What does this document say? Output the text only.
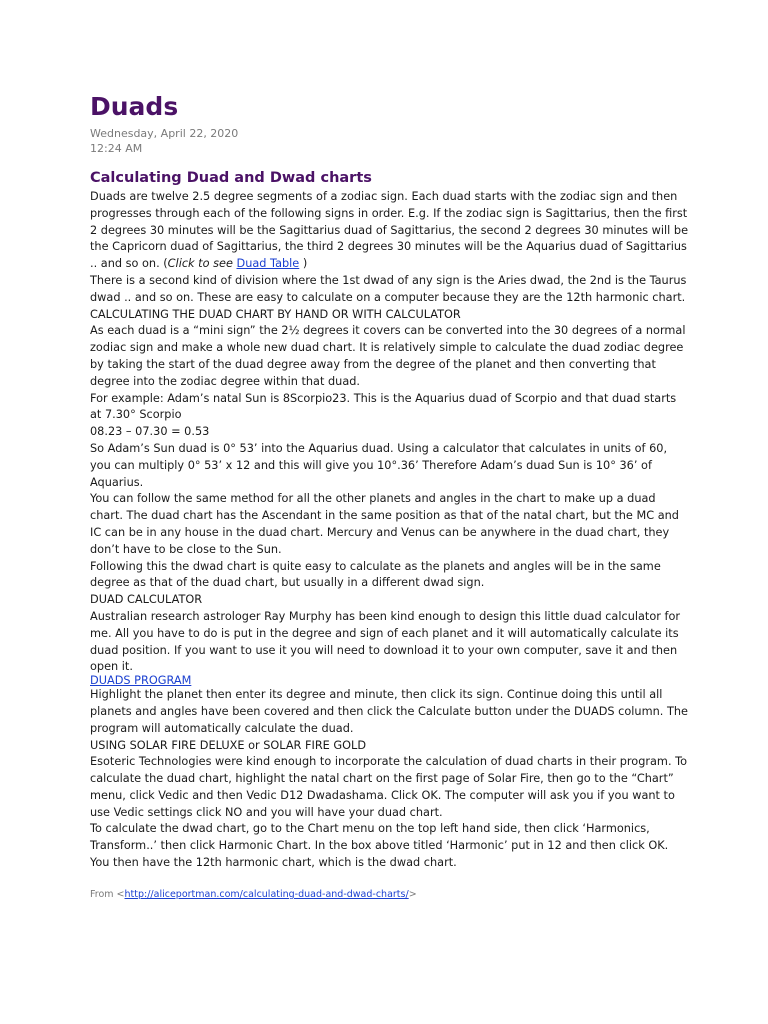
Duads
Wednesday, April 22, 2020
12:24 AM
Calculating Duad and Dwad charts

Duads are twelve 2.5 degree segments of a zodiac sign. Each duad starts with the zodiac sign and then progresses through each of the following signs in order. E.g. If the zodiac sign is Sagittarius, then the first 2 degrees 30 minutes will be the Sagittarius duad of Sagittarius, the second 2 degrees 30 minutes will be the Capricorn duad of Sagittarius, the third 2 degrees 30 minutes will be the Aquarius duad of Sagittarius .. and so on. (Click to see Duad Table )

There is a second kind of division where the 1st dwad of any sign is the Aries dwad, the 2nd is the Taurus dwad .. and so on. These are easy to calculate on a computer because they are the 12th harmonic chart.

CALCULATING THE DUAD CHART BY HAND OR WITH CALCULATOR

As each duad is a “mini sign” the 2½ degrees it covers can be converted into the 30 degrees of a normal zodiac sign and make a whole new duad chart. It is relatively simple to calculate the duad zodiac degree by taking the start of the duad degree away from the degree of the planet and then converting that degree into the zodiac degree within that duad.

For example: Adam’s natal Sun is 8Scorpio23. This is the Aquarius duad of Scorpio and that duad starts at 7.30° Scorpio

08.23 – 07.30 = 0.53

So Adam’s Sun duad is 0° 53’ into the Aquarius duad. Using a calculator that calculates in units of 60, you can multiply 0° 53’ x 12 and this will give you 10°.36’ Therefore Adam’s duad Sun is 10° 36’ of Aquarius.

You can follow the same method for all the other planets and angles in the chart to make up a duad chart. The duad chart has the Ascendant in the same position as that of the natal chart, but the MC and IC can be in any house in the duad chart. Mercury and Venus can be anywhere in the duad chart, they don’t have to be close to the Sun.

Following this the dwad chart is quite easy to calculate as the planets and angles will be in the same degree as that of the duad chart, but usually in a different dwad sign.

DUAD CALCULATOR

Australian research astrologer Ray Murphy has been kind enough to design this little duad calculator for me. All you have to do is put in the degree and sign of each planet and it will automatically calculate its duad position. If you want to use it you will need to download it to your own computer, save it and then open it.

DUADS PROGRAM

Highlight the planet then enter its degree and minute, then click its sign. Continue doing this until all planets and angles have been covered and then click the Calculate button under the DUADS column. The program will automatically calculate the duad.

USING SOLAR FIRE DELUXE or SOLAR FIRE GOLD

Esoteric Technologies were kind enough to incorporate the calculation of duad charts in their program. To calculate the duad chart, highlight the natal chart on the first page of Solar Fire, then go to the “Chart” menu, click Vedic and then Vedic D12 Dwadashama. Click OK. The computer will ask you if you want to use Vedic settings click NO and you will have your duad chart.

To calculate the dwad chart, go to the Chart menu on the top left hand side, then click ‘Harmonics, Transform..’ then click Harmonic Chart. In the box above titled ‘Harmonic’ put in 12 and then click OK. You then have the 12th harmonic chart, which is the dwad chart.

From <http://aliceportman.com/calculating-duad-and-dwad-charts/>
